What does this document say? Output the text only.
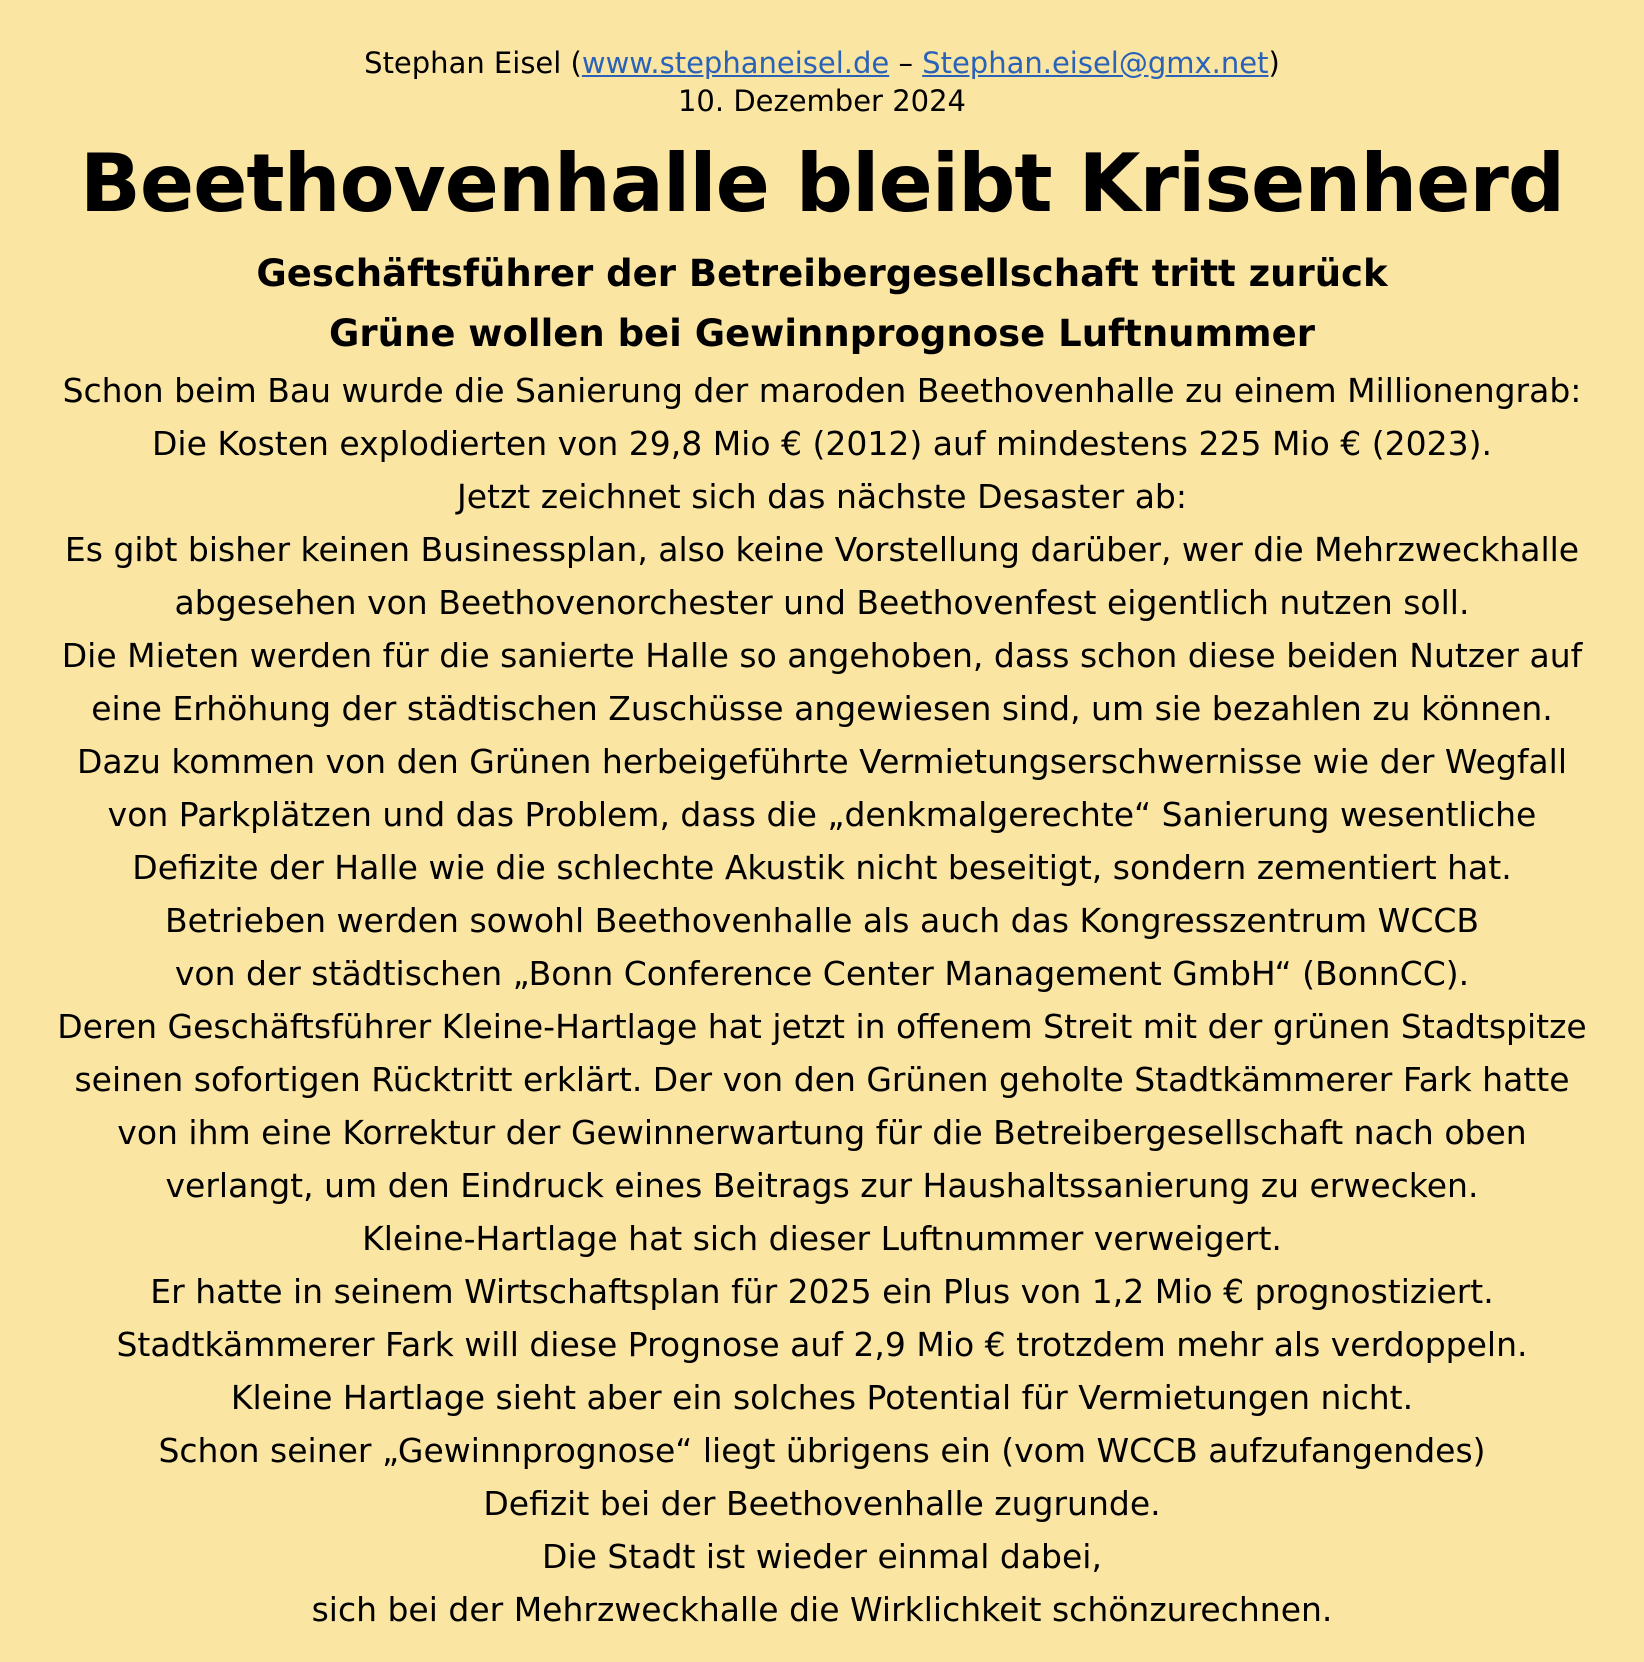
Stephan Eisel (www.stephaneisel.de – Stephan.eisel@gmx.net)
10. Dezember 2024
Beethovenhalle bleibt Krisenherd
Geschäftsführer der Betreibergesellschaft tritt zurück
Grüne wollen bei Gewinnprognose Luftnummer
Schon beim Bau wurde die Sanierung der maroden Beethovenhalle zu einem Millionengrab:
Die Kosten explodierten von 29,8 Mio € (2012) auf mindestens 225 Mio € (2023).
Jetzt zeichnet sich das nächste Desaster ab:
Es gibt bisher keinen Businessplan, also keine Vorstellung darüber, wer die Mehrzweckhalle
abgesehen von Beethovenorchester und Beethovenfest eigentlich nutzen soll.
Die Mieten werden für die sanierte Halle so angehoben, dass schon diese beiden Nutzer auf
eine Erhöhung der städtischen Zuschüsse angewiesen sind, um sie bezahlen zu können.
Dazu kommen von den Grünen herbeigeführte Vermietungserschwernisse wie der Wegfall
von Parkplätzen und das Problem, dass die „denkmalgerechte“ Sanierung wesentliche
Defizite der Halle wie die schlechte Akustik nicht beseitigt, sondern zementiert hat.
Betrieben werden sowohl Beethovenhalle als auch das Kongresszentrum WCCB
von der städtischen „Bonn Conference Center Management GmbH“ (BonnCC).
Deren Geschäftsführer Kleine-Hartlage hat jetzt in offenem Streit mit der grünen Stadtspitze
seinen sofortigen Rücktritt erklärt. Der von den Grünen geholte Stadtkämmerer Fark hatte
von ihm eine Korrektur der Gewinnerwartung für die Betreibergesellschaft nach oben
verlangt, um den Eindruck eines Beitrags zur Haushaltssanierung zu erwecken.
Kleine-Hartlage hat sich dieser Luftnummer verweigert.
Er hatte in seinem Wirtschaftsplan für 2025 ein Plus von 1,2 Mio € prognostiziert.
Stadtkämmerer Fark will diese Prognose auf 2,9 Mio € trotzdem mehr als verdoppeln.
Kleine Hartlage sieht aber ein solches Potential für Vermietungen nicht.
Schon seiner „Gewinnprognose“ liegt übrigens ein (vom WCCB aufzufangendes)
Defizit bei der Beethovenhalle zugrunde.
Die Stadt ist wieder einmal dabei,
sich bei der Mehrzweckhalle die Wirklichkeit schönzurechnen.
